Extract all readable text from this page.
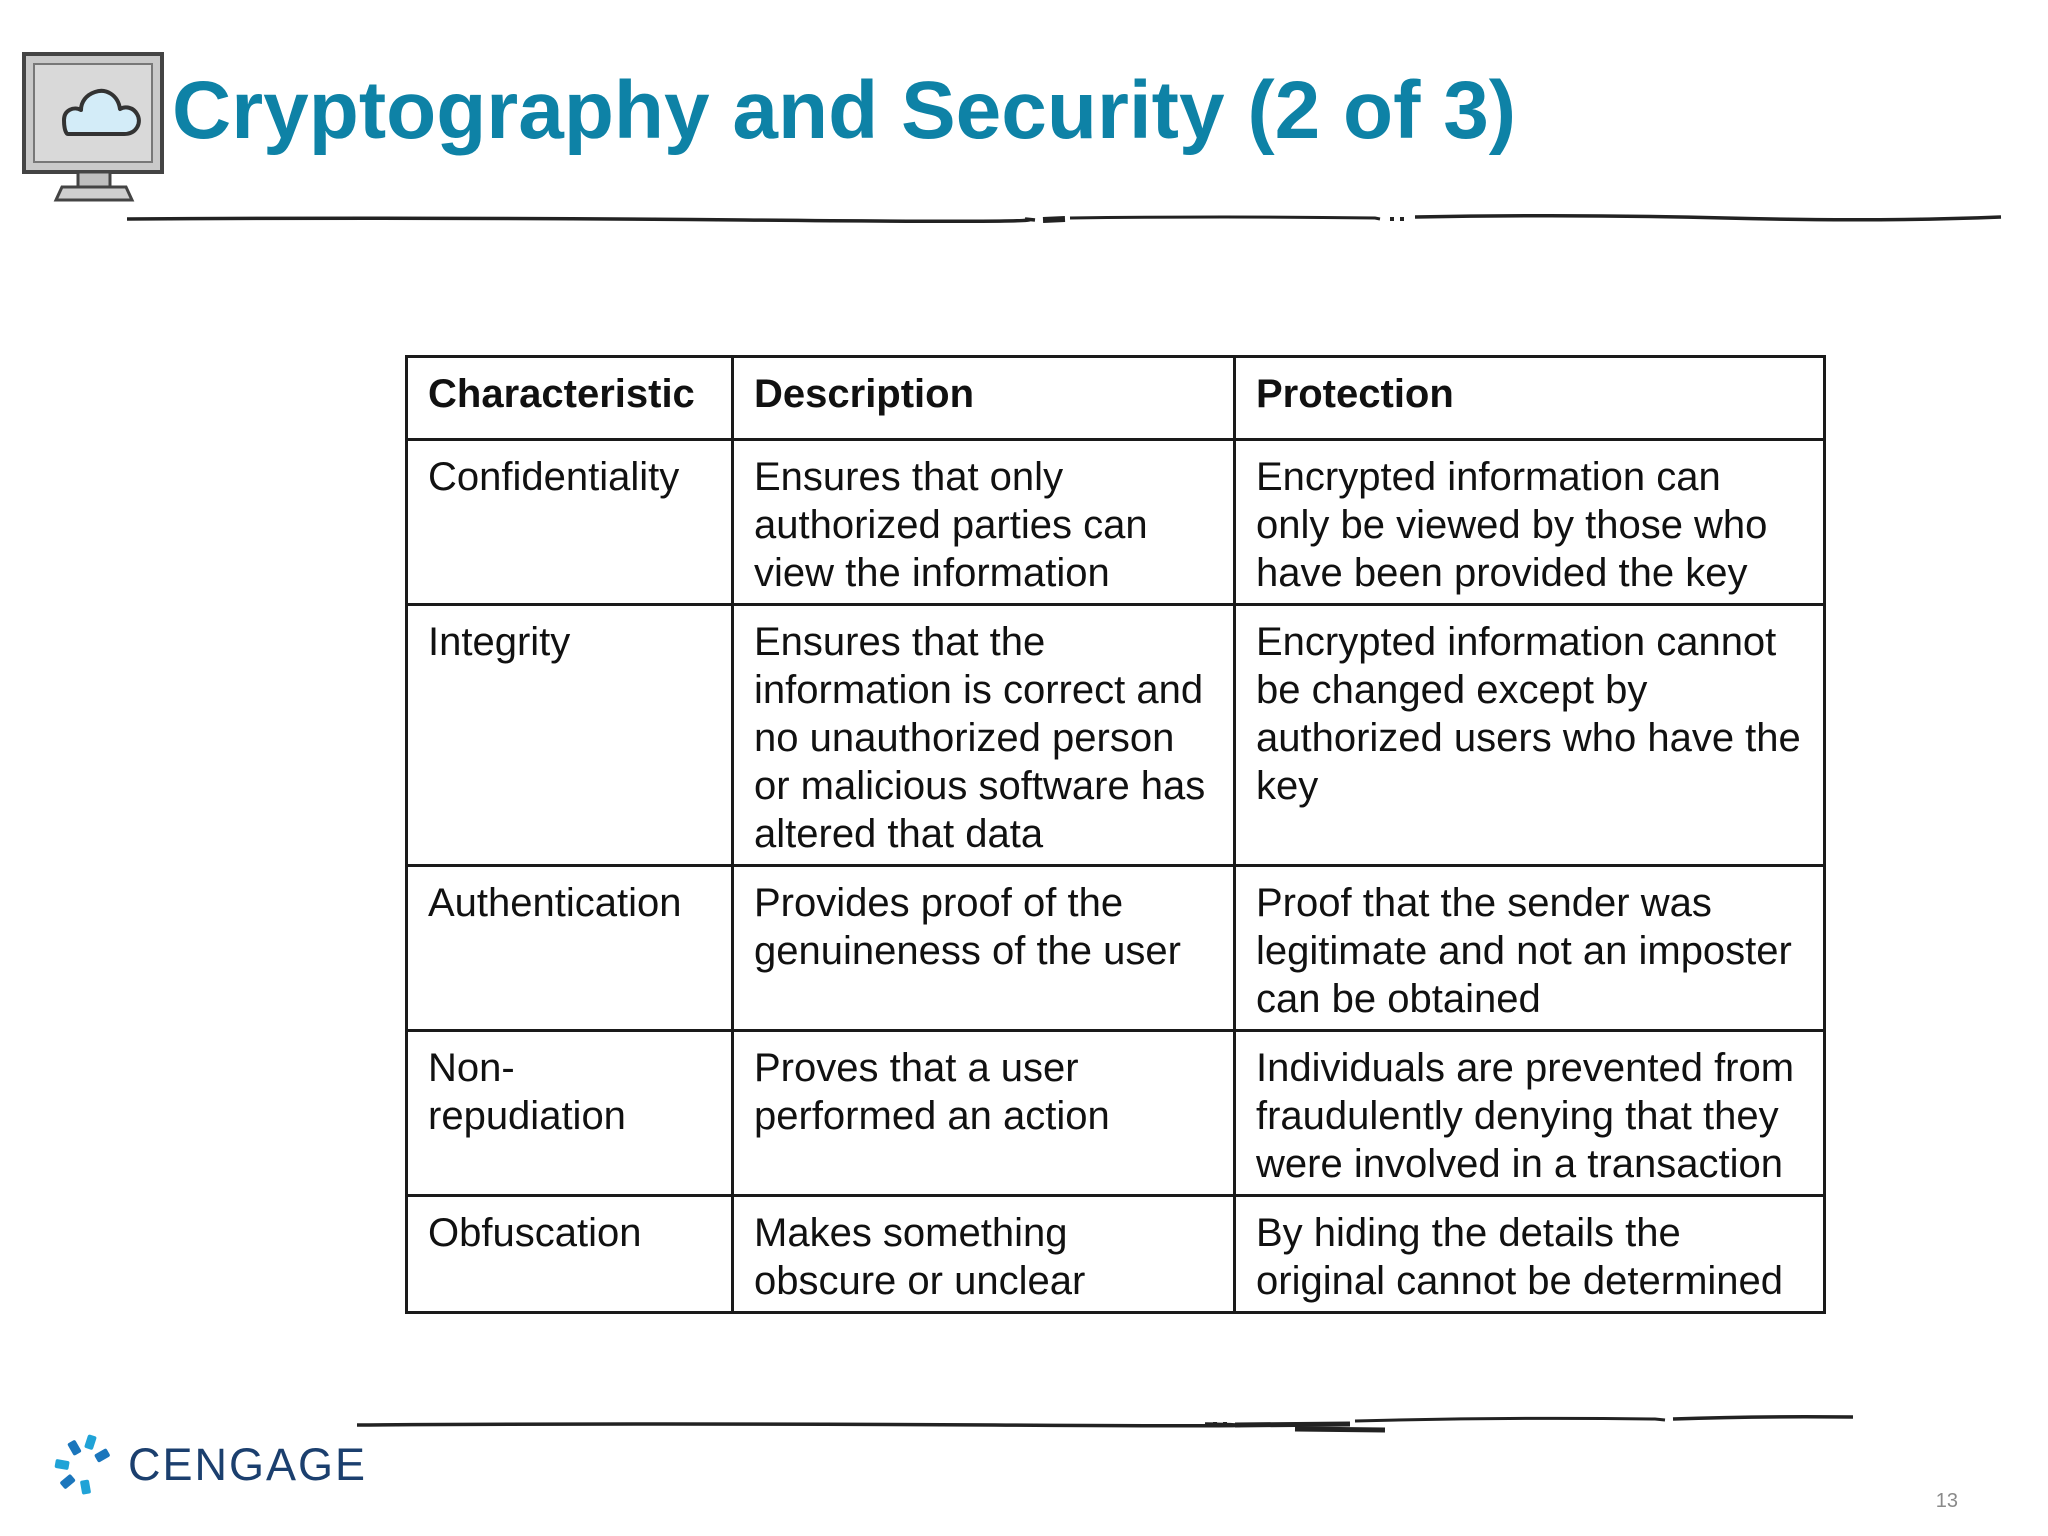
Cryptography and Security (2 of 3)
Characteristic	Description	Protection
Confidentiality	Ensures that only authorized parties can view the information	Encrypted information can only be viewed by those who have been provided the key
Integrity	Ensures that the information is correct and no unauthorized person or malicious software has altered that data	Encrypted information cannot be changed except by authorized users who have the key
Authentication	Provides proof of the genuineness of the user	Proof that the sender was legitimate and not an imposter can be obtained
Non-repudiation	Proves that a user performed an action	Individuals are prevented from fraudulently denying that they were involved in a transaction
Obfuscation	Makes something obscure or unclear	By hiding the details the original cannot be determined
CENGAGE
13
